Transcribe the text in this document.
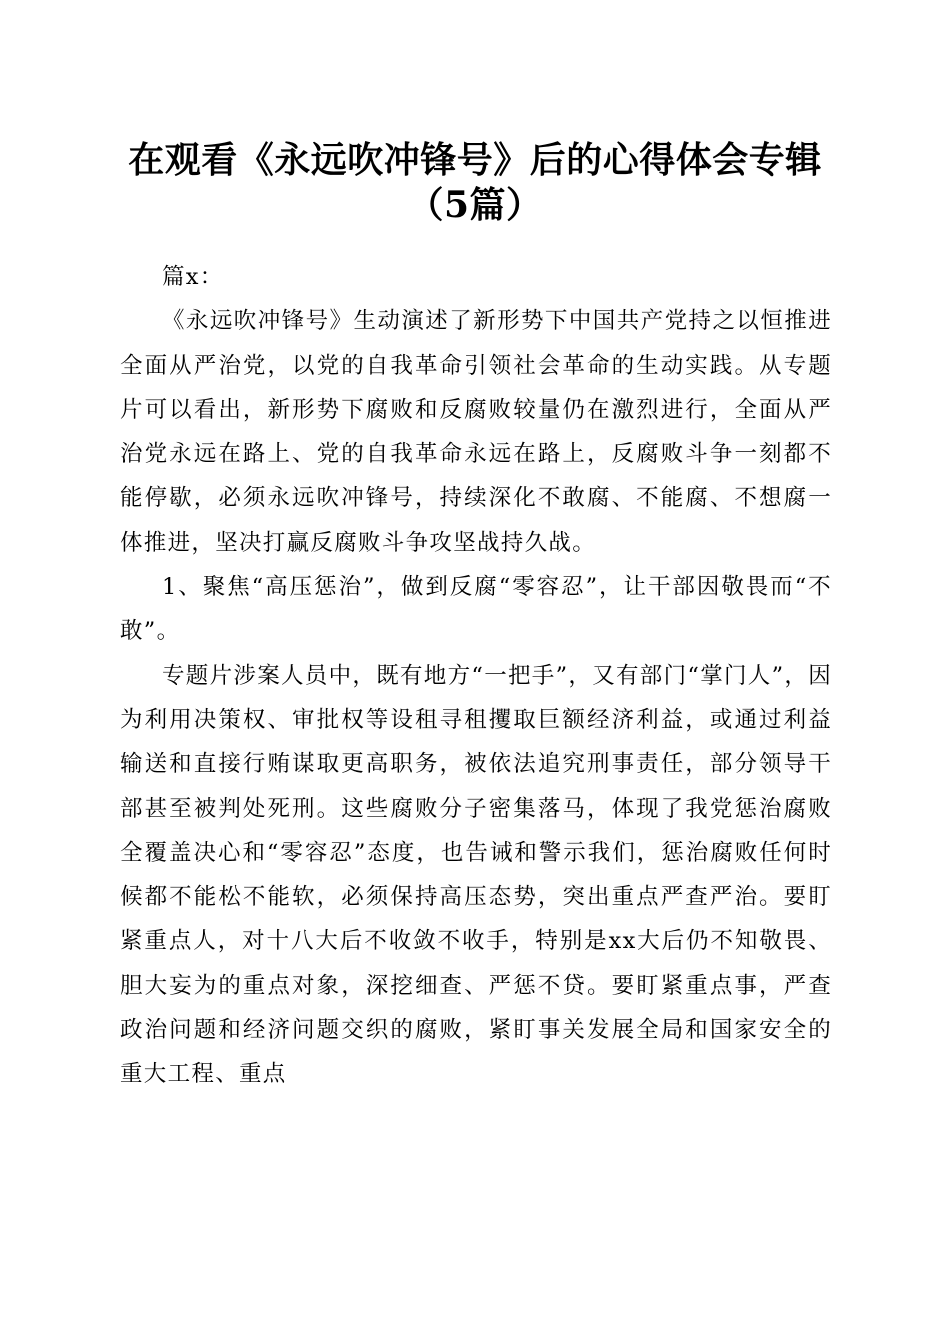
在观看《永远吹冲锋号》后的心得体会专辑
（5篇）

篇x：

《永远吹冲锋号》生动演述了新形势下中国共产党持之以恒推进全面从严治党，以党的自我革命引领社会革命的生动实践。从专题片可以看出，新形势下腐败和反腐败较量仍在激烈进行，全面从严治党永远在路上、党的自我革命永远在路上，反腐败斗争一刻都不能停歇，必须永远吹冲锋号，持续深化不敢腐、不能腐、不想腐一体推进，坚决打赢反腐败斗争攻坚战持久战。

1、聚焦“高压惩治”，做到反腐“零容忍”，让干部因敬畏而“不敢”。

专题片涉案人员中，既有地方“一把手”，又有部门“掌门人”，因为利用决策权、审批权等设租寻租攫取巨额经济利益，或通过利益输送和直接行贿谋取更高职务，被依法追究刑事责任，部分领导干部甚至被判处死刑。这些腐败分子密集落马，体现了我党惩治腐败全覆盖决心和“零容忍”态度，也告诫和警示我们，惩治腐败任何时候都不能松不能软，必须保持高压态势，突出重点严查严治。要盯紧重点人，对十八大后不收敛不收手，特别是xx大后仍不知敬畏、胆大妄为的重点对象，深挖细查、严惩不贷。要盯紧重点事，严查政治问题和经济问题交织的腐败，紧盯事关发展全局和国家安全的重大工程、重点
